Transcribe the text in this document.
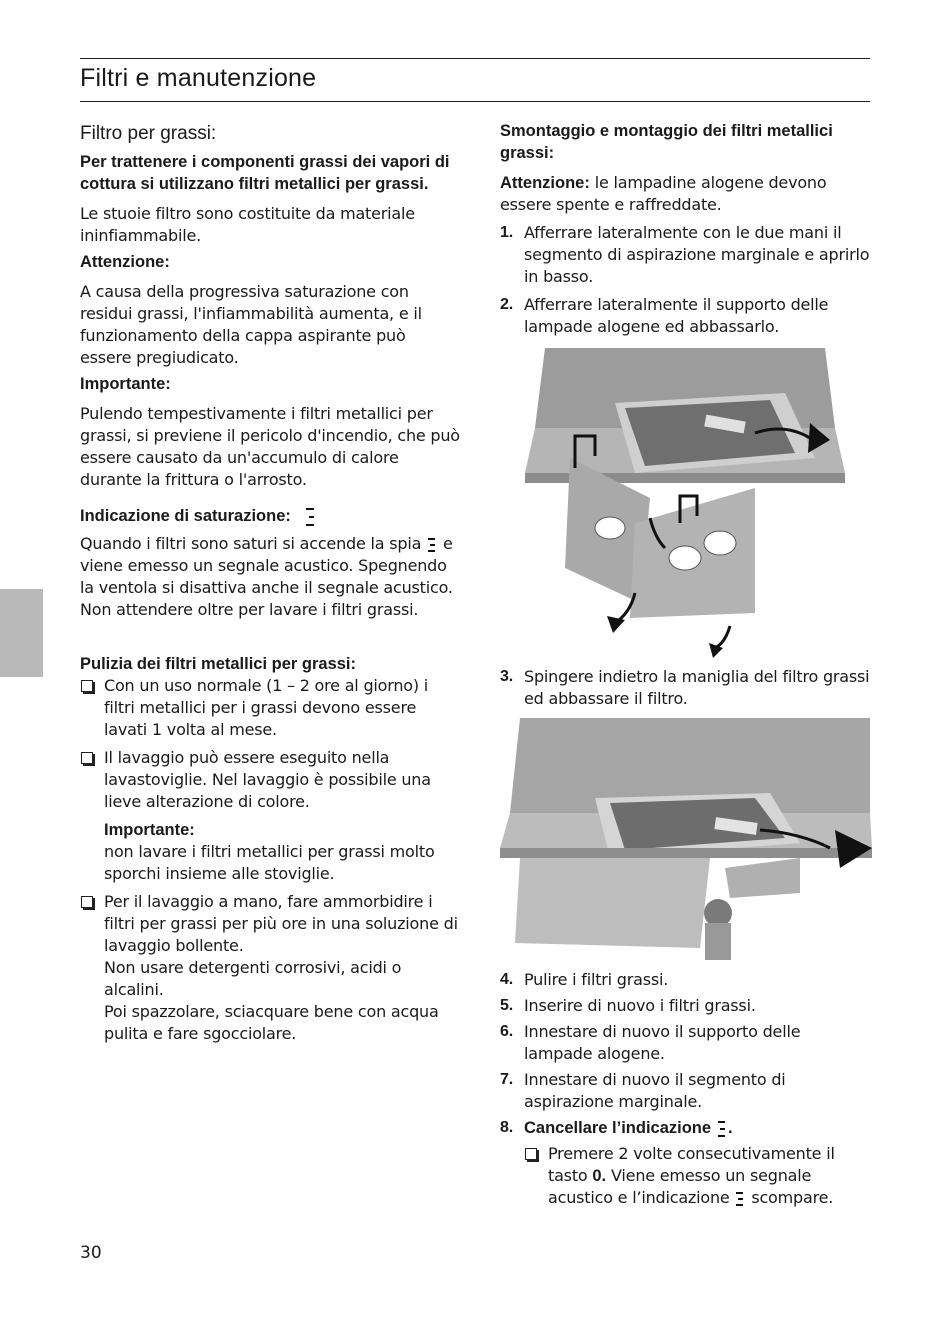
Filtri e manutenzione
Filtro per grassi:

Per trattenere i componenti grassi dei vapori di cottura si utilizzano filtri metallici per grassi.

Le stuoie filtro sono costituite da materiale ininfiammabile.

Attenzione:

A causa della progressiva saturazione con residui grassi, l'infiammabilità aumenta, e il funzionamento della cappa aspirante può essere pregiudicato.

Importante:

Pulendo tempestivamente i filtri metallici per grassi, si previene il pericolo d'incendio, che può essere causato da un'accumulo di calore durante la frittura o l'arrosto.

Indicazione di saturazione:

Quando i filtri sono saturi si accende la spia e viene emesso un segnale acustico. Spegnendo la ventola si disattiva anche il segnale acustico.

Non attendere oltre per lavare i filtri grassi.

Pulizia dei filtri metallici per grassi:

Con un uso normale (1 – 2 ore al giorno) i filtri metallici per i grassi devono essere lavati 1 volta al mese.
Il lavaggio può essere eseguito nella lavastoviglie. Nel lavaggio è possibile una lieve alterazione di colore.
Importante:
non lavare i filtri metallici per grassi molto sporchi insieme alle stoviglie.
Per il lavaggio a mano, fare ammorbidire i filtri per grassi per più ore in una soluzione di lavaggio bollente.
Non usare detergenti corrosivi, acidi o alcalini.
Poi spazzolare, sciacquare bene con acqua pulita e fare sgocciolare.

Smontaggio e montaggio dei filtri metallici grassi:

Attenzione: le lampadine alogene devono essere spente e raffreddate.

1. Afferrare lateralmente con le due mani il segmento di aspirazione marginale e aprirlo in basso.
2. Afferrare lateralmente il supporto delle lampade alogene ed abbassarlo.
3. Spingere indietro la maniglia del filtro grassi ed abbassare il filtro.
4. Pulire i filtri grassi.
5. Inserire di nuovo i filtri grassi.
6. Innestare di nuovo il supporto delle lampade alogene.
7. Innestare di nuovo il segmento di aspirazione marginale.
8. Cancellare l’indicazione .
Premere 2 volte consecutivamente il tasto 0. Viene emesso un segnale acustico e l’indicazione scompare.
30
